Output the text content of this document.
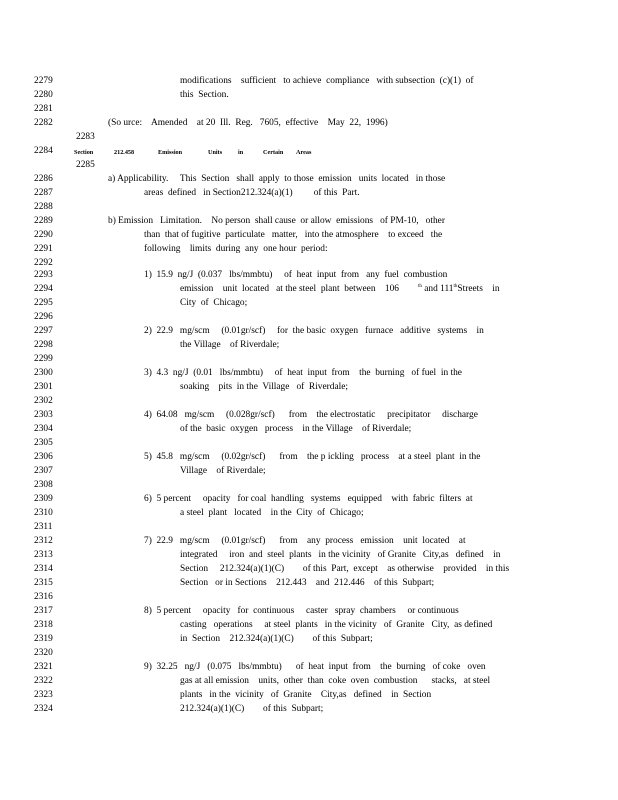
2279	modifications    sufficient   to achieve  compliance   with subsection  (c)(1)  of
2280	this  Section.
2281
2282	(So urce:    Amended    at 20  Ill.  Reg.   7605,  effective    May  22,  1996)
2284
2286	a) Applicability.     This  Section   shall  apply  to those  emission   units  located   in those
2287	areas  defined   in Section212.324(a)(1)         of this  Part.
2288
2289	b) Emission   Limitation.    No person  shall cause  or allow  emissions   of PM-10,   other
2290	than  that of fugitive  particulate   matter,   into the atmosphere    to exceed   the
2291	following    limits  during  any  one hour  period:
2292
2293	1)  15.9  ng/J  (0.037   lbs/mmbtu)     of  heat  input  from   any  fuel  combustion
2294	emission    unit  located   at the steel  plant  between    106
2295	City  of  Chicago;
2296
2297	2)  22.9   mg/scm     (0.01gr/scf)     for  the basic  oxygen   furnace   additive   systems    in
2298	the Village    of Riverdale;
2299
2300	3)  4.3  ng/J  (0.01   lbs/mmbtu)     of  heat  input  from    the  burning   of fuel  in the
2301	soaking    pits  in the  Village   of  Riverdale;
2302
2303	4)  64.08   mg/scm     (0.028gr/scf)      from    the electrostatic     precipitator     discharge
2304	of the  basic  oxygen   process    in the Village    of Riverdale;
2305
2306	5)  45.8   mg/scm     (0.02gr/scf)      from    the p ickling   process    at a steel  plant  in the
2307	Village    of Riverdale;
2308
2309	6)  5 percent     opacity   for coal  handling   systems   equipped    with  fabric  filters  at
2310	a steel  plant   located    in the  City  of  Chicago;
2311
2312	7)  22.9   mg/scm     (0.01gr/scf)      from    any  process   emission    unit  located    at
2313	integrated     iron  and  steel  plants   in the vicinity   of Granite   City,as   defined    in
2314	Section     212.324(a)(1)(C)        of this  Part,  except    as otherwise    provided    in this
2315	Section   or in Sections    212.443    and  212.446    of this  Subpart;
2316
2317	8)  5 percent     opacity   for  continuous     caster   spray  chambers     or continuous
2318	casting   operations     at steel  plants   in the vicinity   of  Granite   City,  as defined
2319	in  Section    212.324(a)(1)(C)        of this  Subpart;
2320
2321	9)  32.25   ng/J   (0.075   lbs/mmbtu)      of  heat  input  from    the  burning   of coke   oven
2322	gas at all emission    units,  other  than  coke  oven  combustion      stacks,   at steel
2323	plants   in the  vicinity   of  Granite    City,as   defined    in  Section
2324	212.324(a)(1)(C)        of this  Subpart;
2283
2285
Section	212.458	Emission	Units	in	Certain Areas
$^{th}$ and 111thStreets    in
